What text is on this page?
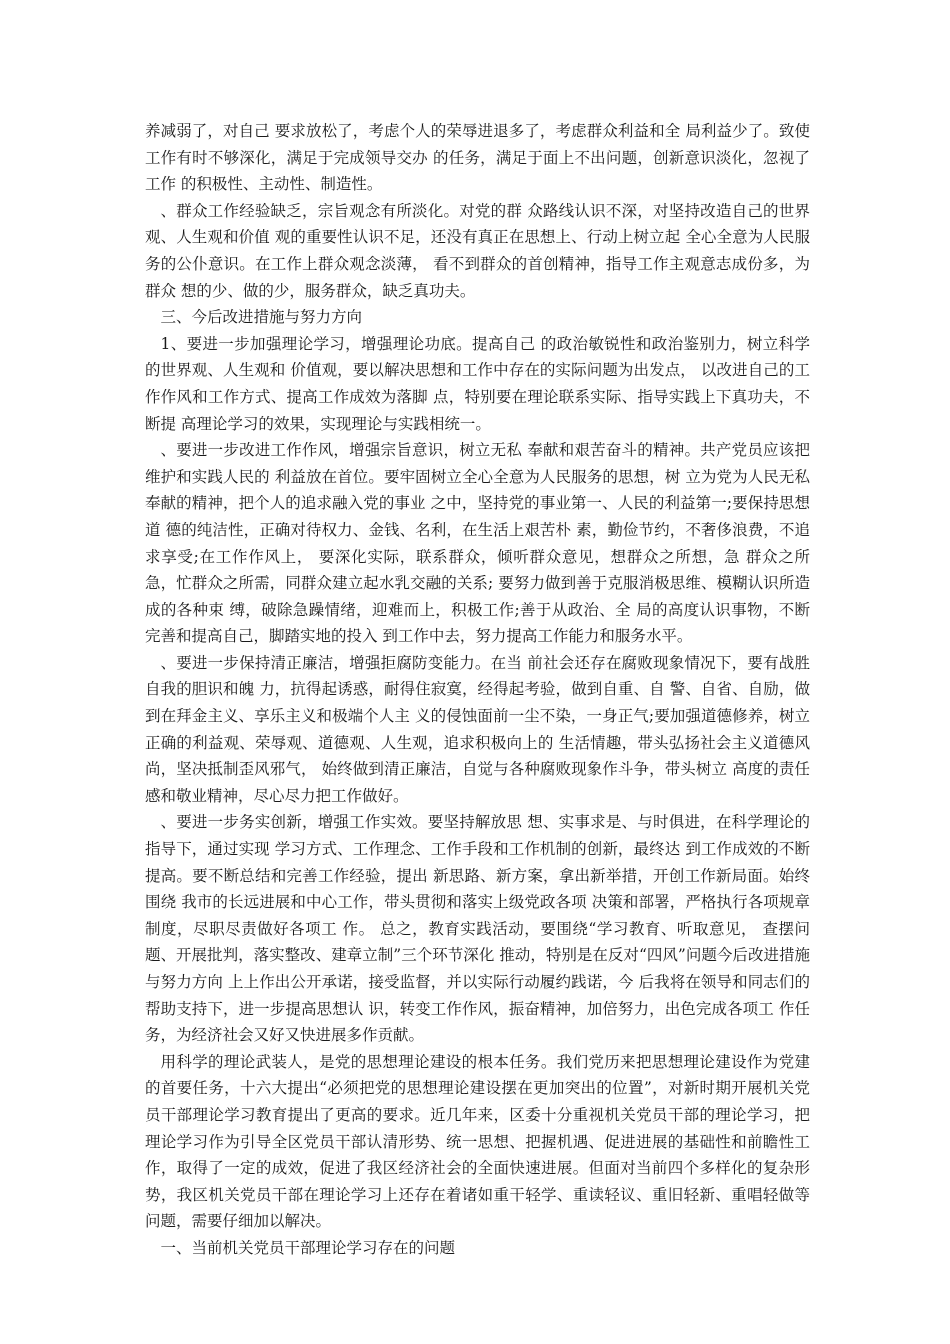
养减弱了，对自己 要求放松了，考虑个人的荣辱进退多了，考虑群众利益和全 局利益少了。致使工作有时不够深化，满足于完成领导交办 的任务，满足于面上不出问题，创新意识淡化，忽视了工作 的积极性、主动性、制造性。

、群众工作经验缺乏，宗旨观念有所淡化。对党的群 众路线认识不深，对坚持改造自己的世界观、人生观和价值 观的重要性认识不足，还没有真正在思想上、行动上树立起 全心全意为人民服务的公仆意识。在工作上群众观念淡薄， 看不到群众的首创精神，指导工作主观意志成份多，为群众 想的少、做的少，服务群众，缺乏真功夫。

三、今后改进措施与努力方向

1、要进一步加强理论学习，增强理论功底。提高自己 的政治敏锐性和政治鉴别力，树立科学的世界观、人生观和 价值观，要以解决思想和工作中存在的实际问题为出发点， 以改进自己的工作作风和工作方式、提高工作成效为落脚 点，特别要在理论联系实际、指导实践上下真功夫，不断提 高理论学习的效果，实现理论与实践相统一。

、要进一步改进工作作风，增强宗旨意识，树立无私 奉献和艰苦奋斗的精神。共产党员应该把维护和实践人民的 利益放在首位。要牢固树立全心全意为人民服务的思想，树 立为党为人民无私奉献的精神，把个人的追求融入党的事业 之中，坚持党的事业第一、人民的利益第一;要保持思想道 德的纯洁性，正确对待权力、金钱、名利，在生活上艰苦朴 素，勤俭节约，不奢侈浪费，不追求享受;在工作作风上， 要深化实际，联系群众，倾听群众意见，想群众之所想，急 群众之所急，忙群众之所需，同群众建立起水乳交融的关系; 要努力做到善于克服消极思维、模糊认识所造成的各种束 缚，破除急躁情绪，迎难而上，积极工作;善于从政治、全 局的高度认识事物，不断完善和提高自己，脚踏实地的投入 到工作中去，努力提高工作能力和服务水平。

、要进一步保持清正廉洁，增强拒腐防变能力。在当 前社会还存在腐败现象情况下，要有战胜自我的胆识和魄 力，抗得起诱惑，耐得住寂寞，经得起考验，做到自重、自 警、自省、自励，做到在拜金主义、享乐主义和极端个人主 义的侵蚀面前一尘不染，一身正气;要加强道德修养，树立 正确的利益观、荣辱观、道德观、人生观，追求积极向上的 生活情趣，带头弘扬社会主义道德风尚，坚决抵制歪风邪气， 始终做到清正廉洁，自觉与各种腐败现象作斗争，带头树立 高度的责任感和敬业精神，尽心尽力把工作做好。

、要进一步务实创新，增强工作实效。要坚持解放思 想、实事求是、与时俱进，在科学理论的指导下，通过实现 学习方式、工作理念、工作手段和工作机制的创新，最终达 到工作成效的不断提高。要不断总结和完善工作经验，提出 新思路、新方案，拿出新举措，开创工作新局面。始终围绕 我市的长远进展和中心工作，带头贯彻和落实上级党政各项 决策和部署，严格执行各项规章制度，尽职尽责做好各项工 作。 总之，教育实践活动，要围绕“学习教育、听取意见， 查摆问题、开展批判，落实整改、建章立制”三个环节深化 推动，特别是在反对“四风”问题今后改进措施与努力方向 上上作出公开承诺，接受监督，并以实际行动履约践诺，今 后我将在领导和同志们的帮助支持下，进一步提高思想认 识，转变工作作风，振奋精神，加倍努力，出色完成各项工 作任务，为经济社会又好又快进展多作贡献。

用科学的理论武装人，是党的思想理论建设的根本任务。我们党历来把思想理论建设作为党建的首要任务，十六大提出“必须把党的思想理论建设摆在更加突出的位置”，对新时期开展机关党员干部理论学习教育提出了更高的要求。近几年来，区委十分重视机关党员干部的理论学习，把理论学习作为引导全区党员干部认清形势、统一思想、把握机遇、促进进展的基础性和前瞻性工作，取得了一定的成效，促进了我区经济社会的全面快速进展。但面对当前四个多样化的复杂形势，我区机关党员干部在理论学习上还存在着诸如重干轻学、重读轻议、重旧轻新、重唱轻做等问题，需要仔细加以解决。

一、当前机关党员干部理论学习存在的问题
